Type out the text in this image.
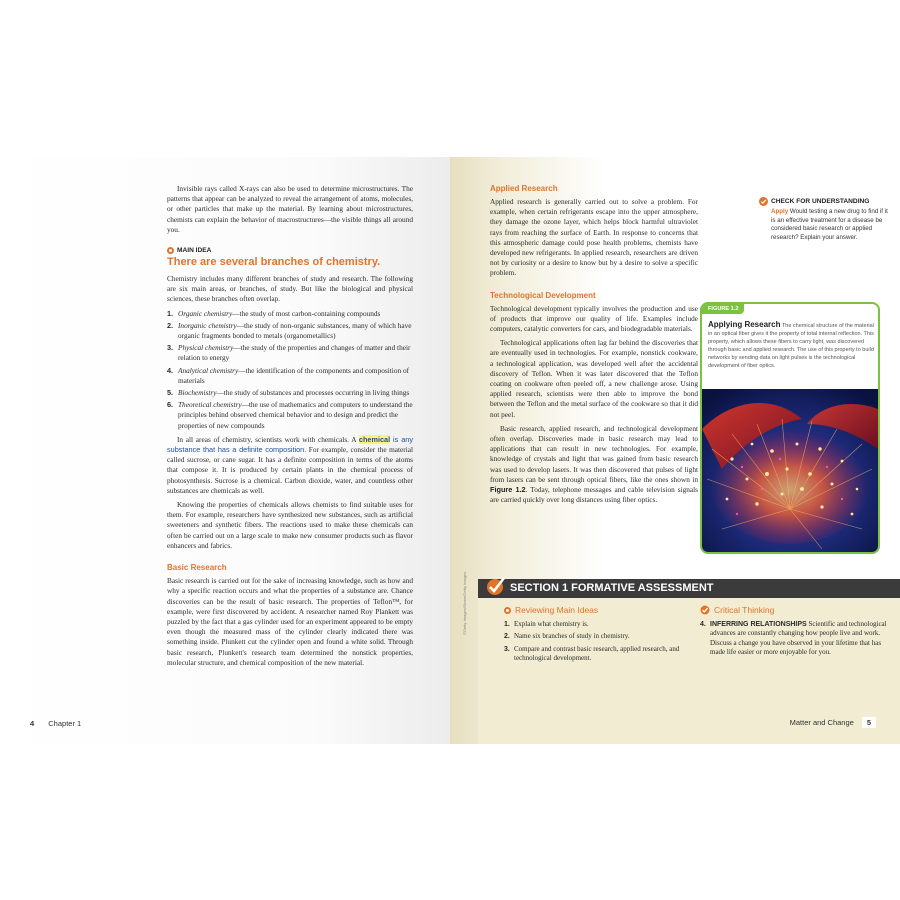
Invisible rays called X-rays can also be used to determine microstructures. The patterns that appear can be analyzed to reveal the arrangement of atoms, molecules, or other particles that make up the material. By learning about microstructures, chemists can explain the behavior of macrostructures—the visible things all around you.

MAIN IDEA
There are several branches of chemistry.

Chemistry includes many different branches of study and research. The following are six main areas, or branches, of study. But like the biological and physical sciences, these branches often overlap.

1. Organic chemistry—the study of most carbon-containing compounds
2. Inorganic chemistry—the study of non-organic substances, many of which have organic fragments bonded to metals (organometallics)
3. Physical chemistry—the study of the properties and changes of matter and their relation to energy
4. Analytical chemistry—the identification of the components and composition of materials
5. Biochemistry—the study of substances and processes occurring in living things
6. Theoretical chemistry—the use of mathematics and computers to understand the principles behind observed chemical behavior and to design and predict the properties of new compounds

In all areas of chemistry, scientists work with chemicals. A chemical is any substance that has a definite composition. For example, consider the material called sucrose, or cane sugar. It has a definite composition in terms of the atoms that compose it. It is produced by certain plants in the chemical process of photosynthesis. Sucrose is a chemical. Carbon dioxide, water, and countless other substances are chemicals as well.

Knowing the properties of chemicals allows chemists to find suitable uses for them. For example, researchers have synthesized new substances, such as artificial sweeteners and synthetic fibers. The reactions used to make these chemicals can often be carried out on a large scale to make new consumer products such as flavor enhancers and fabrics.

Basic Research

Basic research is carried out for the sake of increasing knowledge, such as how and why a specific reaction occurs and what the properties of a substance are. Chance discoveries can be the result of basic research. The properties of Teflon™, for example, were first discovered by accident. A researcher named Roy Plankett was puzzled by the fact that a gas cylinder used for an experiment appeared to be empty even though the measured mass of the cylinder clearly indicated there was something inside. Plunkett cut the cylinder open and found a white solid. Through basic research, Plunkett's research team determined the nonstick properties, molecular structure, and chemical composition of the new material.

4 Chapter 1
Applied Research

Applied research is generally carried out to solve a problem. For example, when certain refrigerants escape into the upper atmosphere, they damage the ozone layer, which helps block harmful ultraviolet rays from reaching the surface of Earth. In response to concerns that this atmospheric damage could pose health problems, chemists have developed new refrigerants. In applied research, researchers are driven not by curiosity or a desire to know but by a desire to solve a specific problem.

Technological Development

Technological development typically involves the production and use of products that improve our quality of life. Examples include computers, catalytic converters for cars, and biodegradable materials.

Technological applications often lag far behind the discoveries that are eventually used in technologies. For example, nonstick cookware, a technological application, was developed well after the accidental discovery of Teflon. When it was later discovered that the Teflon coating on cookware often peeled off, a new challenge arose. Using applied research, scientists were then able to improve the bond between the Teflon and the metal surface of the cookware so that it did not peel.

Basic research, applied research, and technological development often overlap. Discoveries made in basic research may lead to applications that can result in new technologies. For example, knowledge of crystals and light that was gained from basic research was used to develop lasers. It was then discovered that pulses of light from lasers can be sent through optical fibers, like the ones shown in Figure 1.2. Today, telephone messages and cable television signals are carried quickly over long distances using fiber optics.

CHECK FOR UNDERSTANDING
Apply Would testing a new drug to find if it is an effective treatment for a disease be considered basic research or applied research? Explain your answer.
FIGURE 1.2
Applying Research The chemical structure of the material in an optical fiber gives it the property of total internal reflection. This property, which allows these fibers to carry light, was discovered through basic and applied research. The use of this property to build networks by sending data on light pulses is the technological development of fiber optics.
SECTION 1 FORMATIVE ASSESSMENT
Reviewing Main Ideas
1. Explain what chemistry is.
2. Name six branches of study in chemistry.
3. Compare and contrast basic research, applied research, and technological development.
Critical Thinking
4. INFERRING RELATIONSHIPS Scientific and technological advances are constantly changing how people live and work. Discuss a change you have observed in your lifetime that has made life easier or more enjoyable for you.
©Getty Images/Stone/Getty Images
Matter and Change	5
